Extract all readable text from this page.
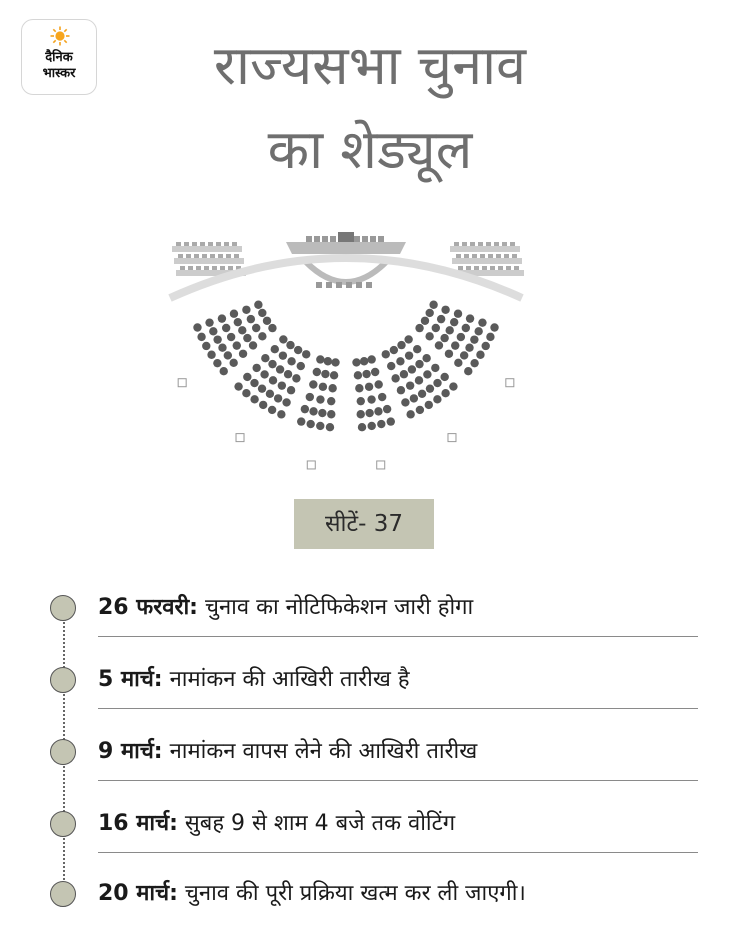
दैनिक
भास्कर	राज्यसभा चुनाव
का शेड्यूल
सीटें- 37
26 फरवरी: चुनाव का नोटिफिकेशन जारी होगा
5 मार्च: नामांकन की आखिरी तारीख है
9 मार्च: नामांकन वापस लेने की आखिरी तारीख
16 मार्च: सुबह 9 से शाम 4 बजे तक वोटिंग
20 मार्च: चुनाव की पूरी प्रक्रिया खत्म कर ली जाएगी।
